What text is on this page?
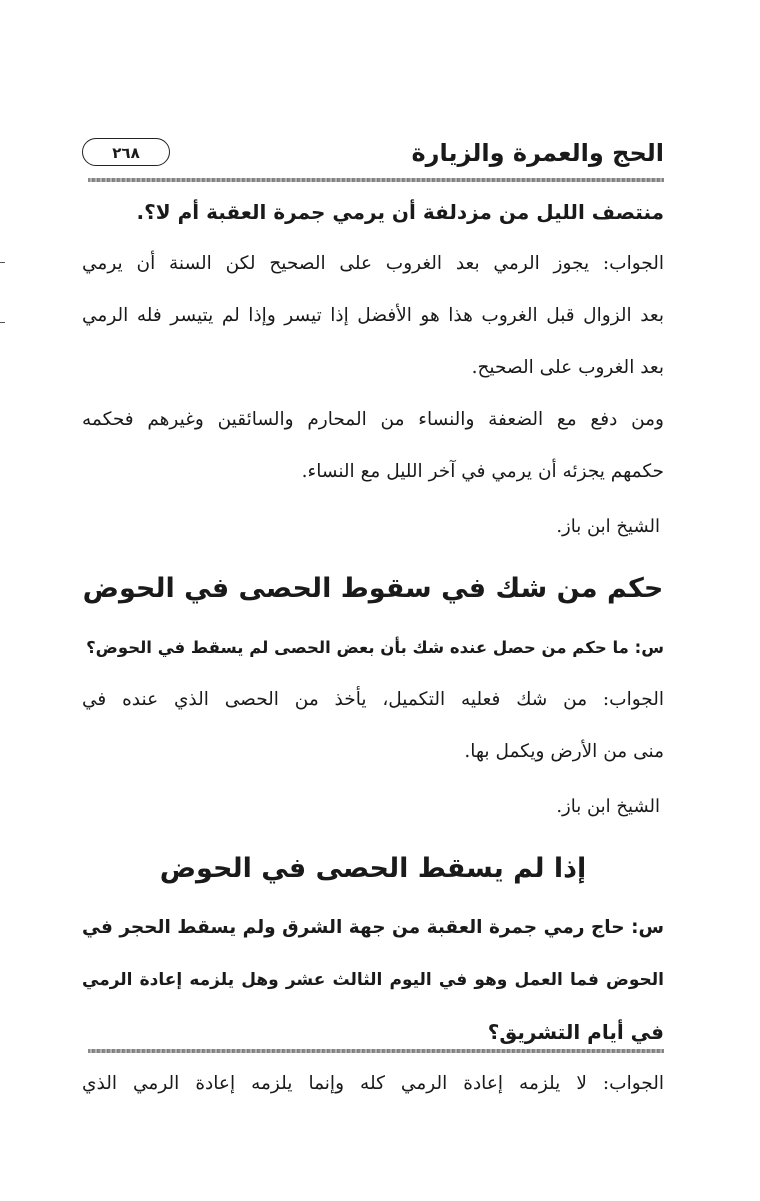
الحج والعمرة والزيارة
٢٦٨
منتصف الليل من مزدلفة أن يرمي جمرة العقبة أم لا؟.
الجواب: يجوز الرمي بعد الغروب على الصحيح لكن السنة أن يرمي
بعد الزوال قبل الغروب هذا هو الأفضل إذا تيسر وإذا لم يتيسر فله الرمي
بعد الغروب على الصحيح.
ومن دفع مع الضعفة والنساء من المحارم والسائقين وغيرهم فحكمه
حكمهم يجزئه أن يرمي في آخر الليل مع النساء.
الشيخ ابن باز.
حكم من شك في سقوط الحصى في الحوض
س: ما حكم من حصل عنده شك بأن بعض الحصى لم يسقط في الحوض؟
الجواب: من شك فعليه التكميل، يأخذ من الحصى الذي عنده في
منى من الأرض ويكمل بها.
الشيخ ابن باز.
إذا لم يسقط الحصى في الحوض
س: حاج رمي جمرة العقبة من جهة الشرق ولم يسقط الحجر في
الحوض فما العمل وهو في اليوم الثالث عشر وهل يلزمه إعادة الرمي
في أيام التشريق؟
الجواب: لا يلزمه إعادة الرمي كله وإنما يلزمه إعادة الرمي الذي
